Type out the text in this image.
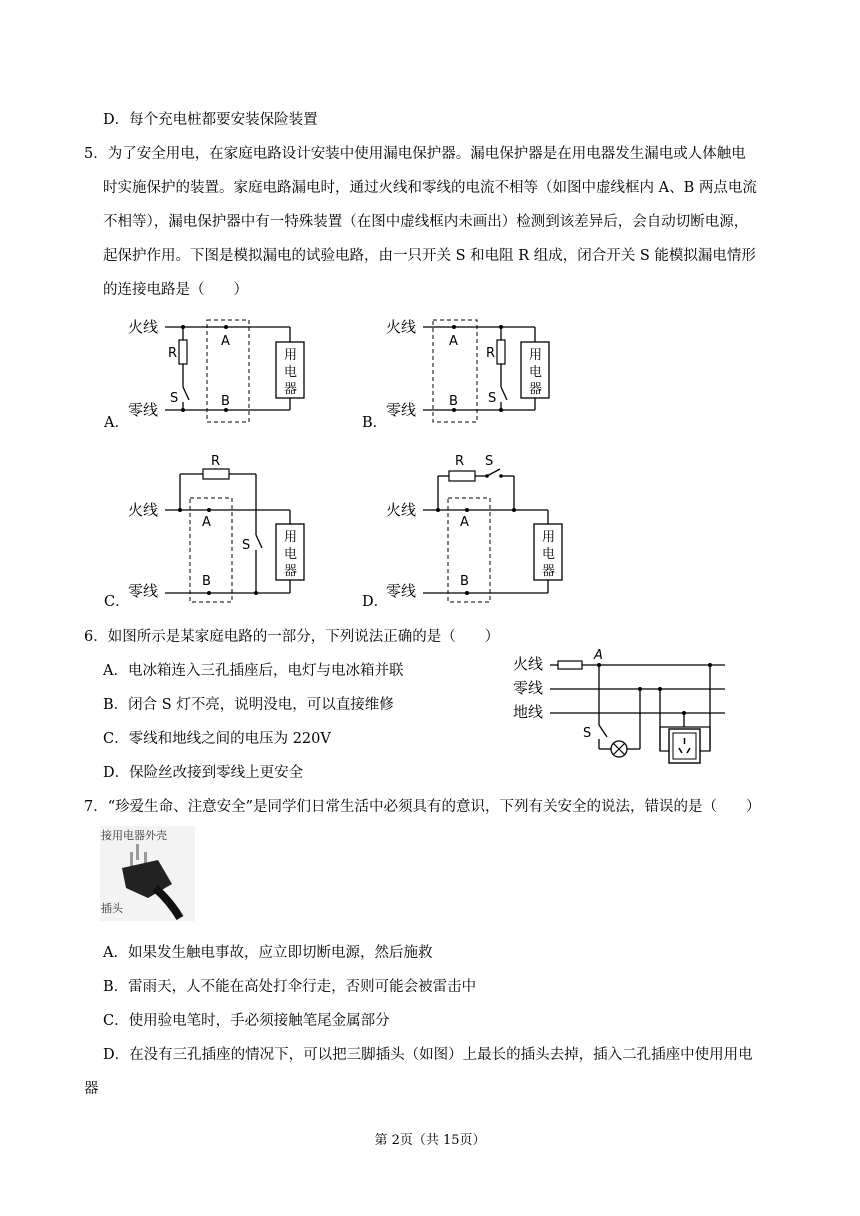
D．每个充电桩都要安装保险装置
5．为了安全用电，在家庭电路设计安装中使用漏电保护器。漏电保护器是在用电器发生漏电或人体触电
时实施保护的装置。家庭电路漏电时，通过火线和零线的电流不相等（如图中虚线框内 A、B 两点电流
不相等），漏电保护器中有一特殊装置（在图中虚线框内未画出）检测到该差异后，会自动切断电源，
起保护作用。下图是模拟漏电的试验电路，由一只开关 S 和电阻 R 组成，闭合开关 S 能模拟漏电情形
的连接电路是（　　）
A．
火线
零线
用
电
器
A
B
R
S
B．
火线
零线
用
电
器
A
B
R
S
C．
火线
零线
用
电
器
A
B
R
S
D．
火线
零线
用
电
器
A
B
R S
6．如图所示是某家庭电路的一部分，下列说法正确的是（　　）
A．电冰箱连入三孔插座后，电灯与电冰箱并联
B．闭合 S 灯不亮，说明没电，可以直接维修
C．零线和地线之间的电压为 220V
D．保险丝改接到零线上更安全
火线
零线
地线
A
S
7．“珍爱生命、注意安全”是同学们日常生活中必须具有的意识，下列有关安全的说法，错误的是（　　）
接用电器外壳
插头
A．如果发生触电事故，应立即切断电源，然后施救
B．雷雨天，人不能在高处打伞行走，否则可能会被雷击中
C．使用验电笔时，手必须接触笔尾金属部分
D．在没有三孔插座的情况下，可以把三脚插头（如图）上最长的插头去掉，插入二孔插座中使用用电
器
第 2页（共 15页）
